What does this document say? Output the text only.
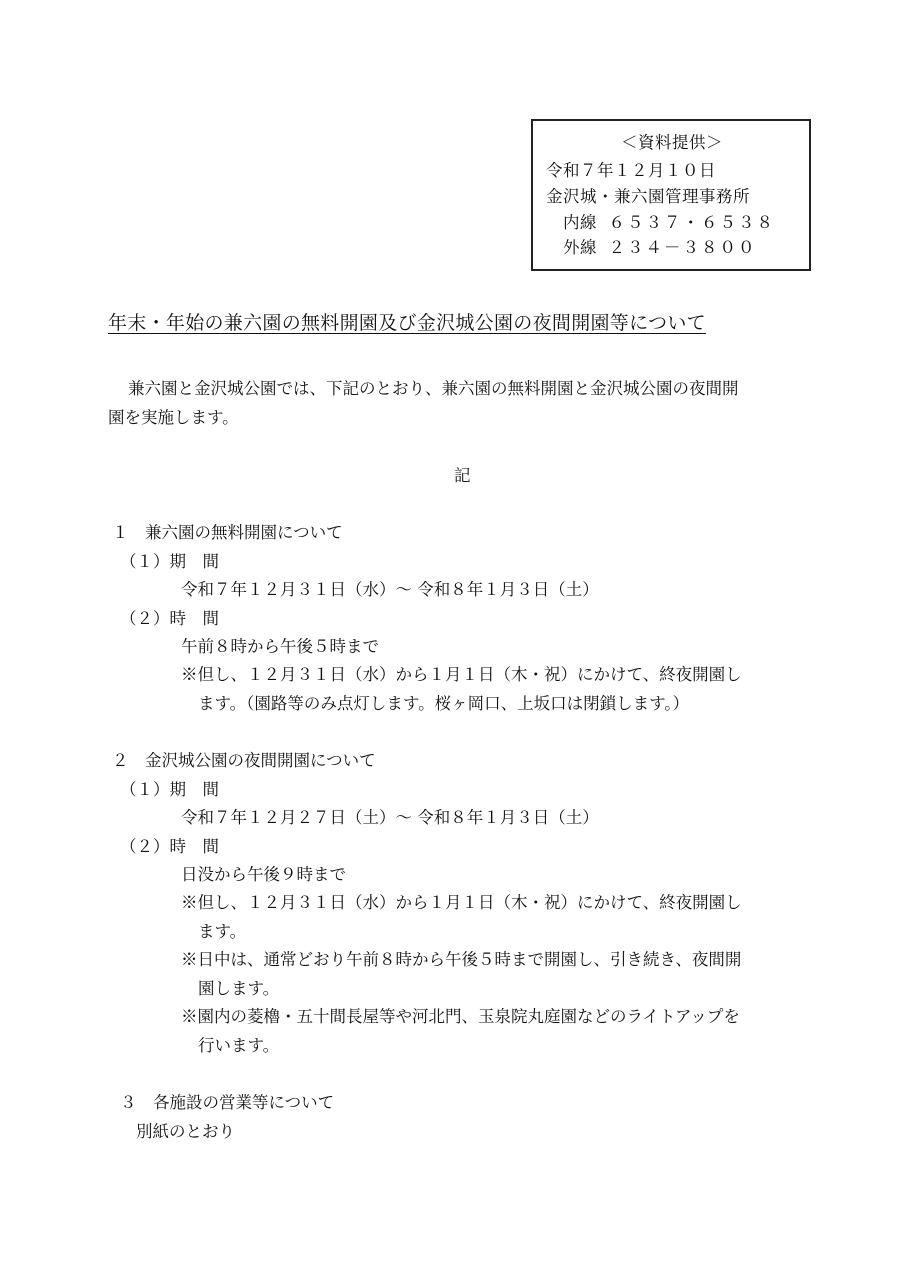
＜資料提供＞
令和７年１２月１０日
金沢城・兼六園管理事務所
内線 ６５３７・６５３８
外線 ２３４－３８００
年末・年始の兼六園の無料開園及び金沢城公園の夜間開園等について
兼六園と金沢城公園では、下記のとおり、兼六園の無料開園と金沢城公園の夜間開
園を実施します。
記
１　兼六園の無料開園について
（１）期　間
令和７年１２月３１日（水）～ 令和８年１月３日（土）
（２）時　間
午前８時から午後５時まで
※但し、１２月３１日（水）から１月１日（木・祝）にかけて、終夜開園し
ます。（園路等のみ点灯します。桜ヶ岡口、上坂口は閉鎖します。）
２　金沢城公園の夜間開園について
（１）期　間
令和７年１２月２７日（土）～ 令和８年１月３日（土）
（２）時　間
日没から午後９時まで
※但し、１２月３１日（水）から１月１日（木・祝）にかけて、終夜開園し
ます。
※日中は、通常どおり午前８時から午後５時まで開園し、引き続き、夜間開
園します。
※園内の菱櫓・五十間長屋等や河北門、玉泉院丸庭園などのライトアップを
行います。
３　各施設の営業等について
別紙のとおり
